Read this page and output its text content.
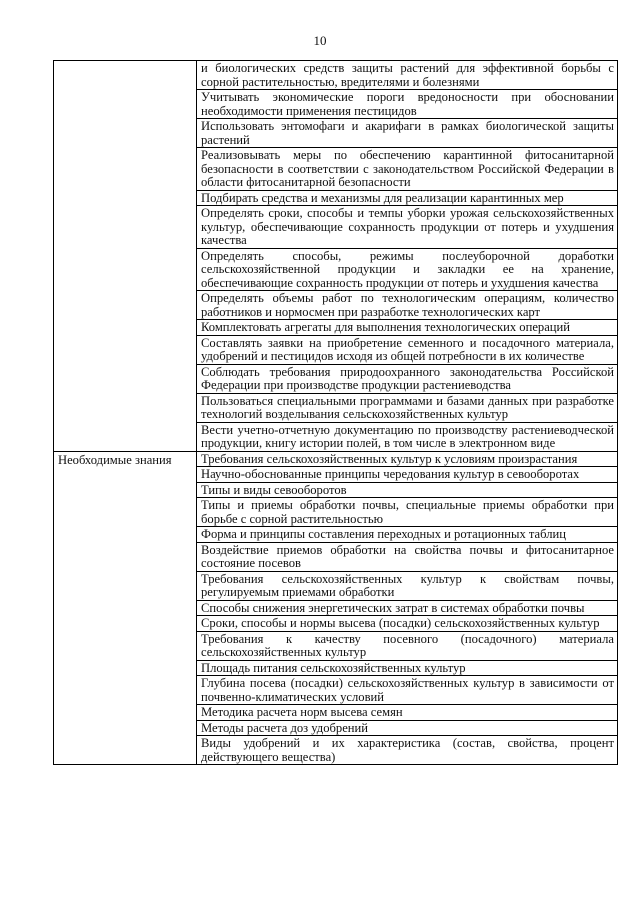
10

	и биологических средств защиты растений для эффективной борьбы с сорной растительностью, вредителями и болезнями

	Учитывать экономические пороги вредоносности при обосновании необходимости применения пестицидов

	Использовать энтомофаги и акарифаги в рамках биологической защиты растений

	Реализовывать меры по обеспечению карантинной фитосанитарной безопасности в соответствии с законодательством Российской Федерации в области фитосанитарной безопасности

	Подбирать средства и механизмы для реализации карантинных мер

	Определять сроки, способы и темпы уборки урожая сельскохозяйственных культур, обеспечивающие сохранность продукции от потерь и ухудшения качества

	Определять способы, режимы послеуборочной доработки сельскохозяйственной продукции и закладки ее на хранение, обеспечивающие сохранность продукции от потерь и ухудшения качества

	Определять объемы работ по технологическим операциям, количество работников и нормосмен при разработке технологических карт

	Комплектовать агрегаты для выполнения технологических операций

	Составлять заявки на приобретение семенного и посадочного материала, удобрений и пестицидов исходя из общей потребности в их количестве

	Соблюдать требования природоохранного законодательства Российской Федерации при производстве продукции растениеводства

	Пользоваться специальными программами и базами данных при разработке технологий возделывания сельскохозяйственных культур

	Вести учетно-отчетную документацию по производству растениеводческой продукции, книгу истории полей, в том числе в электронном виде

Необходимые знания	Требования сельскохозяйственных культур к условиям произрастания

	Научно-обоснованные принципы чередования культур в севооборотах

	Типы и виды севооборотов

	Типы и приемы обработки почвы, специальные приемы обработки при борьбе с сорной растительностью

	Форма и принципы составления переходных и ротационных таблиц

	Воздействие приемов обработки на свойства почвы и фитосанитарное состояние посевов

	Требования сельскохозяйственных культур к свойствам почвы, регулируемым приемами обработки

	Способы снижения энергетических затрат в системах обработки почвы

	Сроки, способы и нормы высева (посадки) сельскохозяйственных культур

	Требования к качеству посевного (посадочного) материала сельскохозяйственных культур

	Площадь питания сельскохозяйственных культур

	Глубина посева (посадки) сельскохозяйственных культур в зависимости от почвенно-климатических условий

	Методика расчета норм высева семян

	Методы расчета доз удобрений

	Виды удобрений и их характеристика (состав, свойства, процент действующего вещества)
